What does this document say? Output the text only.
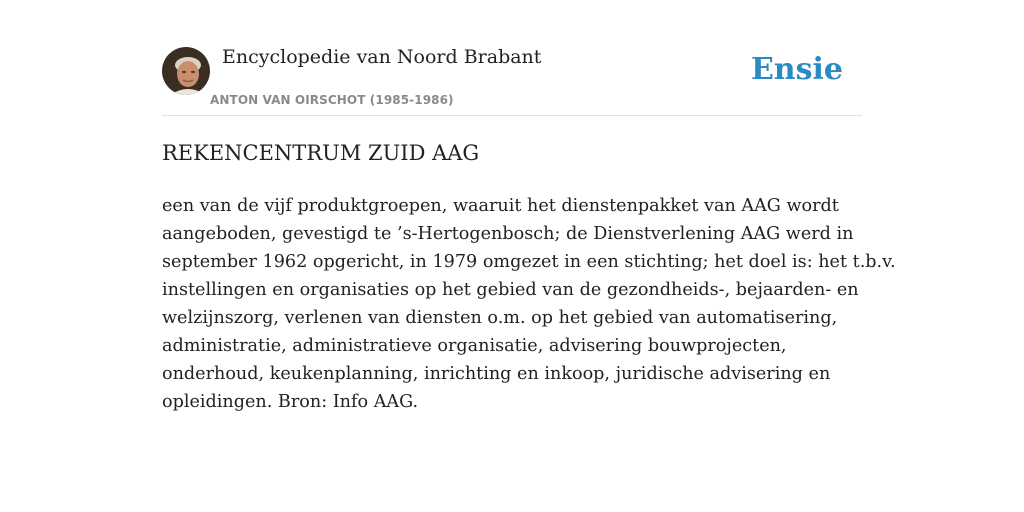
Encyclopedie van Noord Brabant
ANTON VAN OIRSCHOT (1985-1986)
Ensie
REKENCENTRUM ZUID AAG

een van de vijf produktgroepen, waaruit het dienstenpakket van AAG wordt
aangeboden, gevestigd te ’s-Hertogenbosch; de Dienstverlening AAG werd in
september 1962 opgericht, in 1979 omgezet in een stichting; het doel is: het t.b.v.
instellingen en organisaties op het gebied van de gezondheids-, bejaarden- en
welzijnszorg, verlenen van diensten o.m. op het gebied van automatisering,
administratie, administratieve organisatie, advisering bouwprojecten,
onderhoud, keukenplanning, inrichting en inkoop, juridische advisering en
opleidingen. Bron: Info AAG.
